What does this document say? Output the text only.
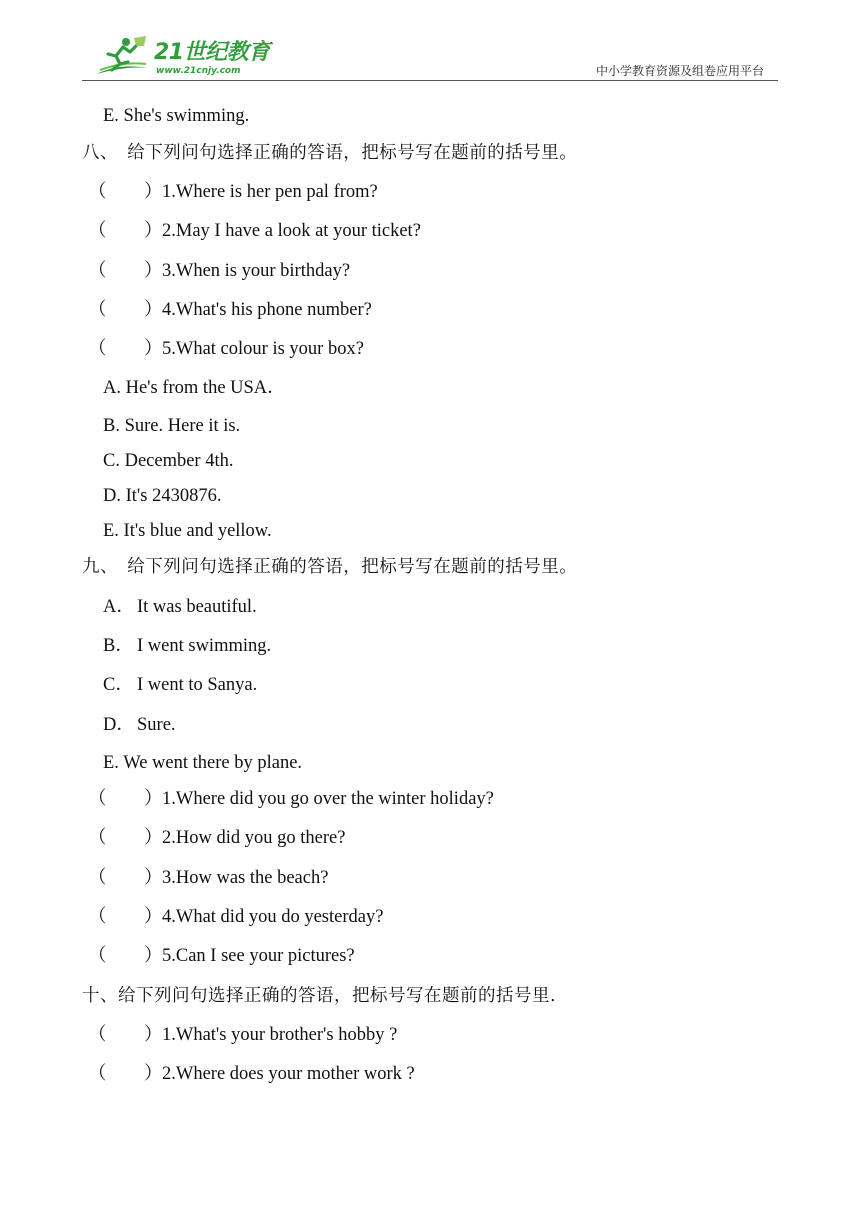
21世纪教育
www.21cnjy.com	中小学教育资源及组卷应用平台
E. She's swimming.
八、　给下列问句选择正确的答语，把标号写在题前的括号里。
（ ）1.Where is her pen pal from?
（ ）2.May I have a look at your ticket?
（ ）3.When is your birthday?
（ ）4.What's his phone number?
（ ）5.What colour is your box?
A. He's from the USA．
B. Sure. Here it is.
C. December 4th.
D. It's 2430876.
E. It's blue and yellow.
九、　给下列问句选择正确的答语，把标号写在题前的括号里。
A． It was beautiful.
B． I went swimming.
C． I went to Sanya.
D． Sure.
E. We went there by plane.
（ ）1.Where did you go over the winter holiday?
（ ）2.How did you go there?
（ ）3.How was the beach?
（ ）4.What did you do yesterday?
（ ）5.Can I see your pictures?
十、给下列问句选择正确的答语，把标号写在题前的括号里.
（ ）1.What's your brother's hobby ?
（ ）2.Where does your mother work ?
